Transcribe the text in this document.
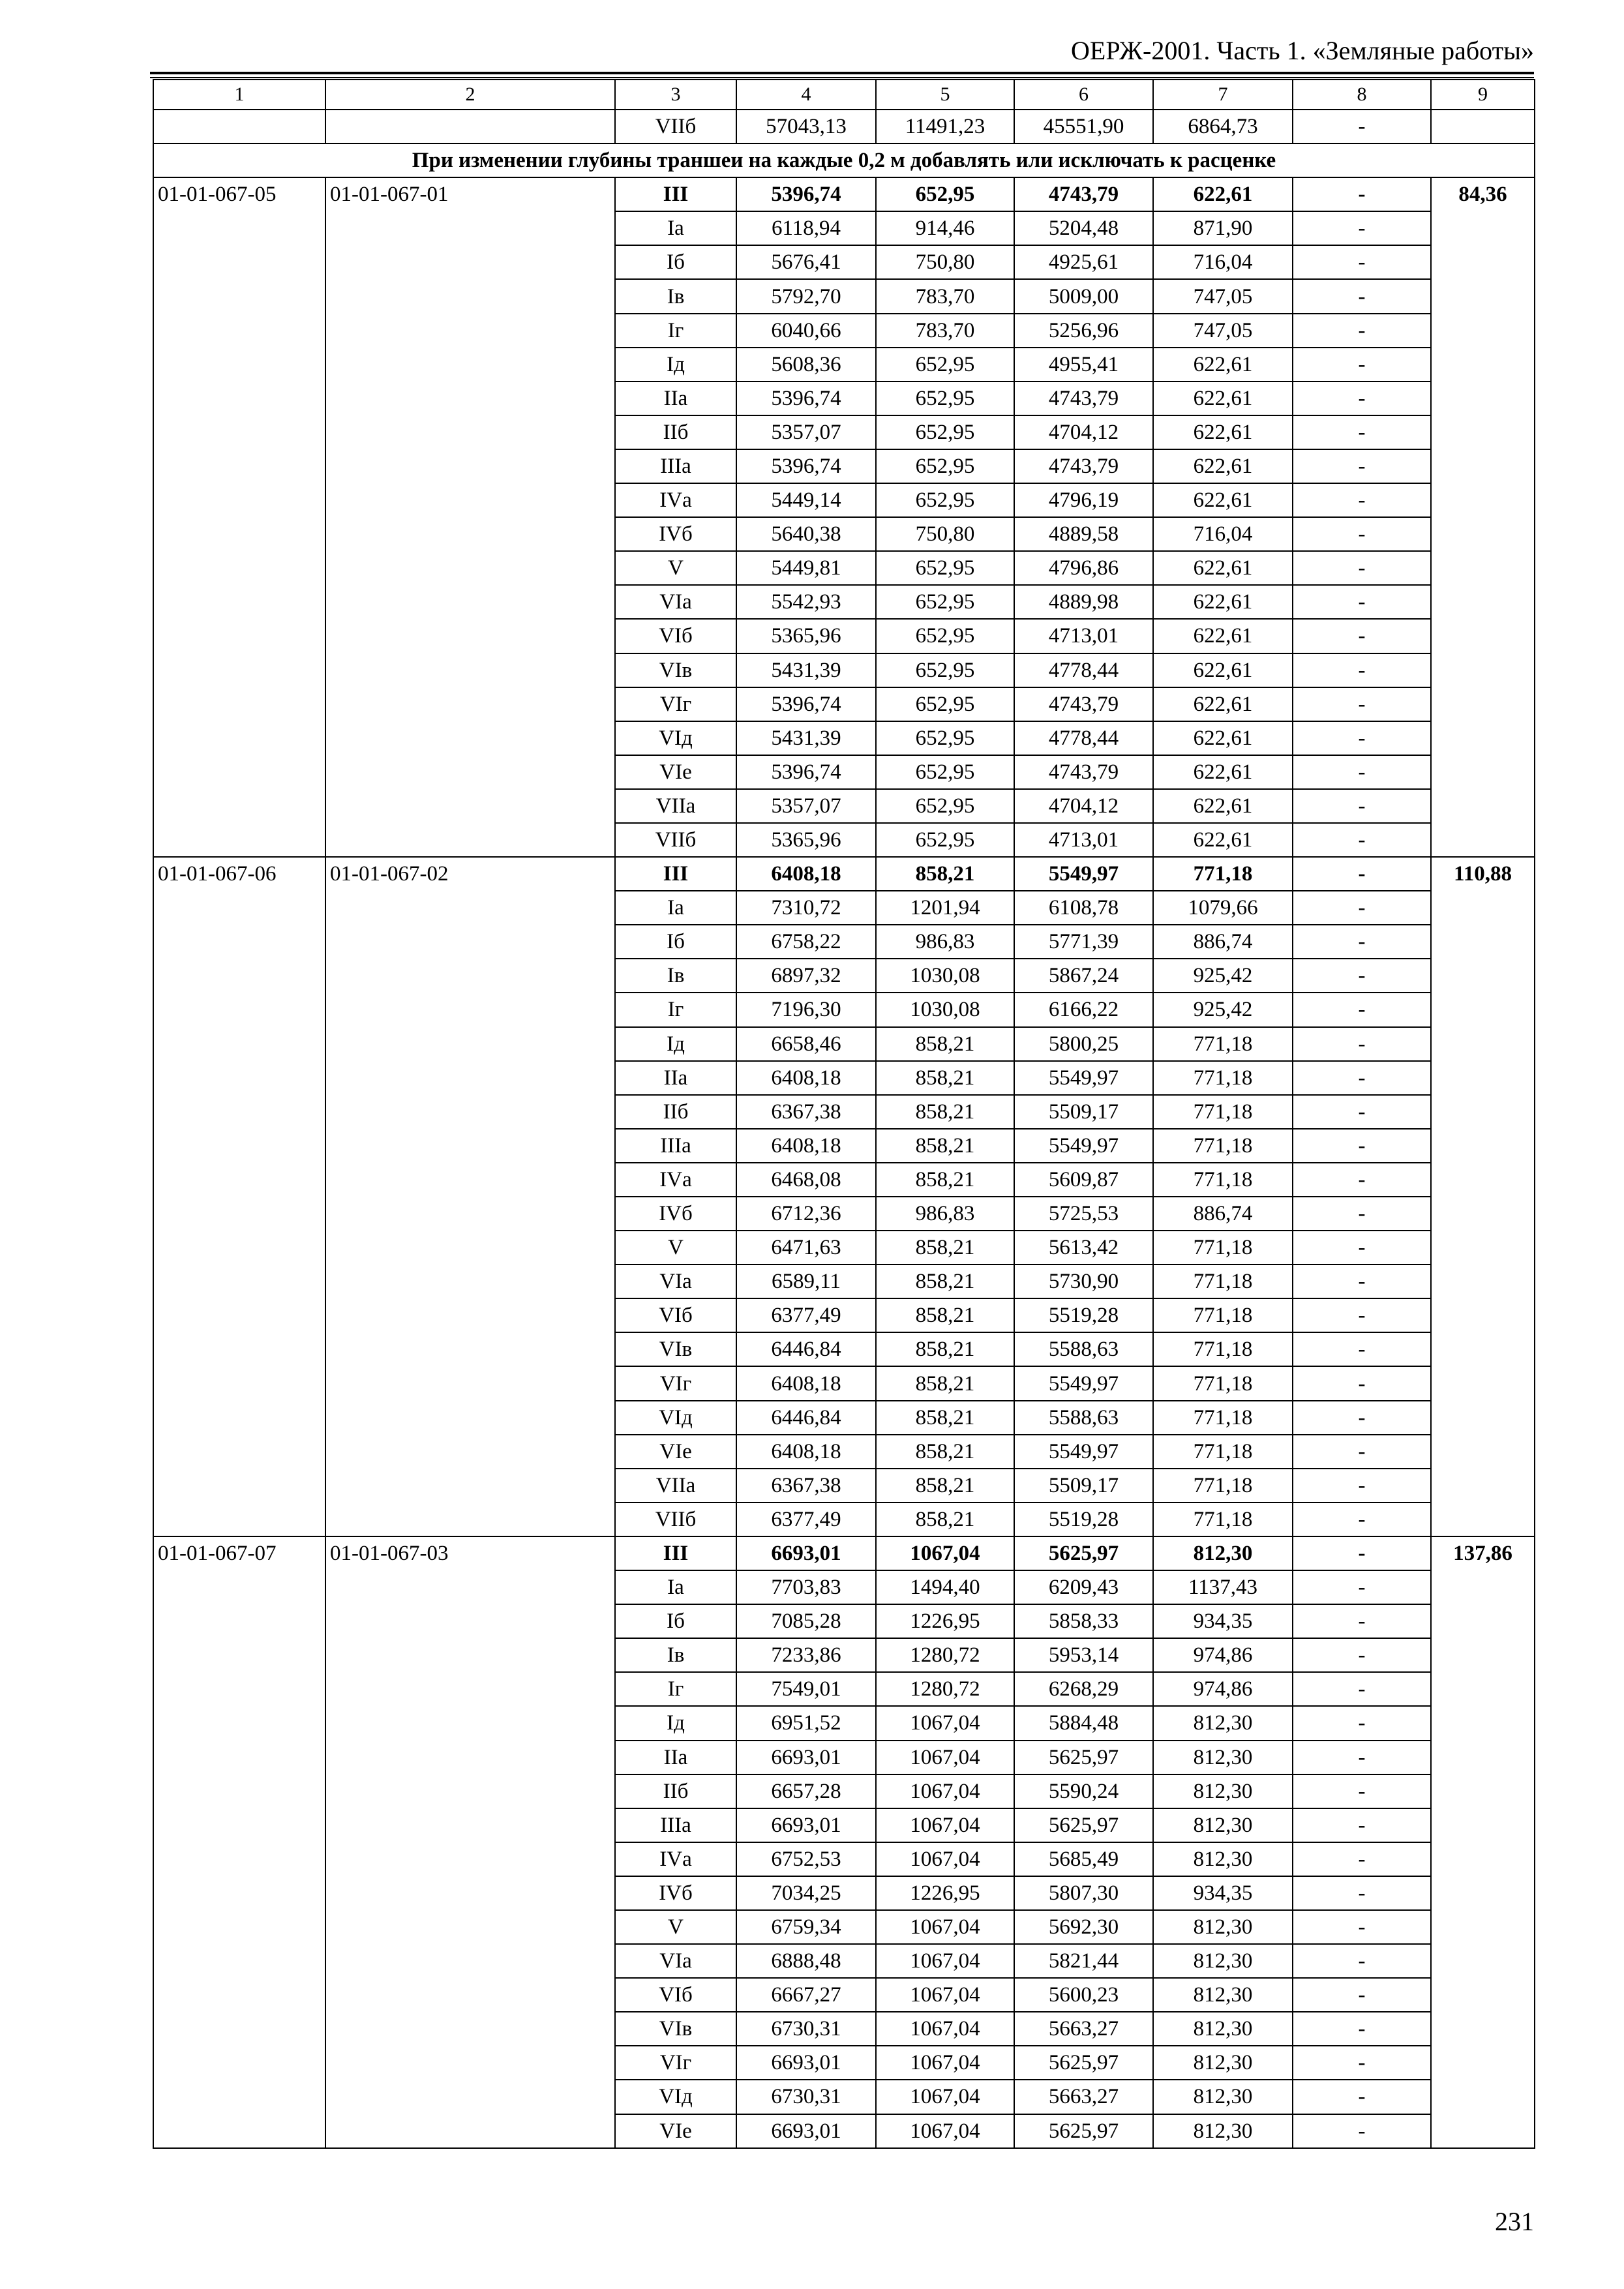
ОЕРЖ-2001. Часть 1. «Земляные работы»
1	2	3	4	5	6	7	8	9
		VIIб	57043,13	11491,23	45551,90	6864,73	-	
При изменении глубины траншеи на каждые 0,2 м добавлять или исключать к расценке								
01-01-067-05	01-01-067-01	III	5396,74	652,95	4743,79	622,61	-	84,36
		Iа	6118,94	914,46	5204,48	871,90	-	
		Iб	5676,41	750,80	4925,61	716,04	-	
		Iв	5792,70	783,70	5009,00	747,05	-	
		Iг	6040,66	783,70	5256,96	747,05	-	
		Iд	5608,36	652,95	4955,41	622,61	-	
		IIа	5396,74	652,95	4743,79	622,61	-	
		IIб	5357,07	652,95	4704,12	622,61	-	
		IIIа	5396,74	652,95	4743,79	622,61	-	
		IVа	5449,14	652,95	4796,19	622,61	-	
		IVб	5640,38	750,80	4889,58	716,04	-	
		V	5449,81	652,95	4796,86	622,61	-	
		VIа	5542,93	652,95	4889,98	622,61	-	
		VIб	5365,96	652,95	4713,01	622,61	-	
		VIв	5431,39	652,95	4778,44	622,61	-	
		VIг	5396,74	652,95	4743,79	622,61	-	
		VIд	5431,39	652,95	4778,44	622,61	-	
		VIе	5396,74	652,95	4743,79	622,61	-	
		VIIа	5357,07	652,95	4704,12	622,61	-	
		VIIб	5365,96	652,95	4713,01	622,61	-	
01-01-067-06	01-01-067-02	III	6408,18	858,21	5549,97	771,18	-	110,88
		Iа	7310,72	1201,94	6108,78	1079,66	-	
		Iб	6758,22	986,83	5771,39	886,74	-	
		Iв	6897,32	1030,08	5867,24	925,42	-	
		Iг	7196,30	1030,08	6166,22	925,42	-	
		Iд	6658,46	858,21	5800,25	771,18	-	
		IIа	6408,18	858,21	5549,97	771,18	-	
		IIб	6367,38	858,21	5509,17	771,18	-	
		IIIа	6408,18	858,21	5549,97	771,18	-	
		IVа	6468,08	858,21	5609,87	771,18	-	
		IVб	6712,36	986,83	5725,53	886,74	-	
		V	6471,63	858,21	5613,42	771,18	-	
		VIа	6589,11	858,21	5730,90	771,18	-	
		VIб	6377,49	858,21	5519,28	771,18	-	
		VIв	6446,84	858,21	5588,63	771,18	-	
		VIг	6408,18	858,21	5549,97	771,18	-	
		VIд	6446,84	858,21	5588,63	771,18	-	
		VIе	6408,18	858,21	5549,97	771,18	-	
		VIIа	6367,38	858,21	5509,17	771,18	-	
		VIIб	6377,49	858,21	5519,28	771,18	-	
01-01-067-07	01-01-067-03	III	6693,01	1067,04	5625,97	812,30	-	137,86
		Iа	7703,83	1494,40	6209,43	1137,43	-	
		Iб	7085,28	1226,95	5858,33	934,35	-	
		Iв	7233,86	1280,72	5953,14	974,86	-	
		Iг	7549,01	1280,72	6268,29	974,86	-	
		Iд	6951,52	1067,04	5884,48	812,30	-	
		IIа	6693,01	1067,04	5625,97	812,30	-	
		IIб	6657,28	1067,04	5590,24	812,30	-	
		IIIа	6693,01	1067,04	5625,97	812,30	-	
		IVа	6752,53	1067,04	5685,49	812,30	-	
		IVб	7034,25	1226,95	5807,30	934,35	-	
		V	6759,34	1067,04	5692,30	812,30	-	
		VIа	6888,48	1067,04	5821,44	812,30	-	
		VIб	6667,27	1067,04	5600,23	812,30	-	
		VIв	6730,31	1067,04	5663,27	812,30	-	
		VIг	6693,01	1067,04	5625,97	812,30	-	
		VIд	6730,31	1067,04	5663,27	812,30	-	
		VIе	6693,01	1067,04	5625,97	812,30	-	
231
